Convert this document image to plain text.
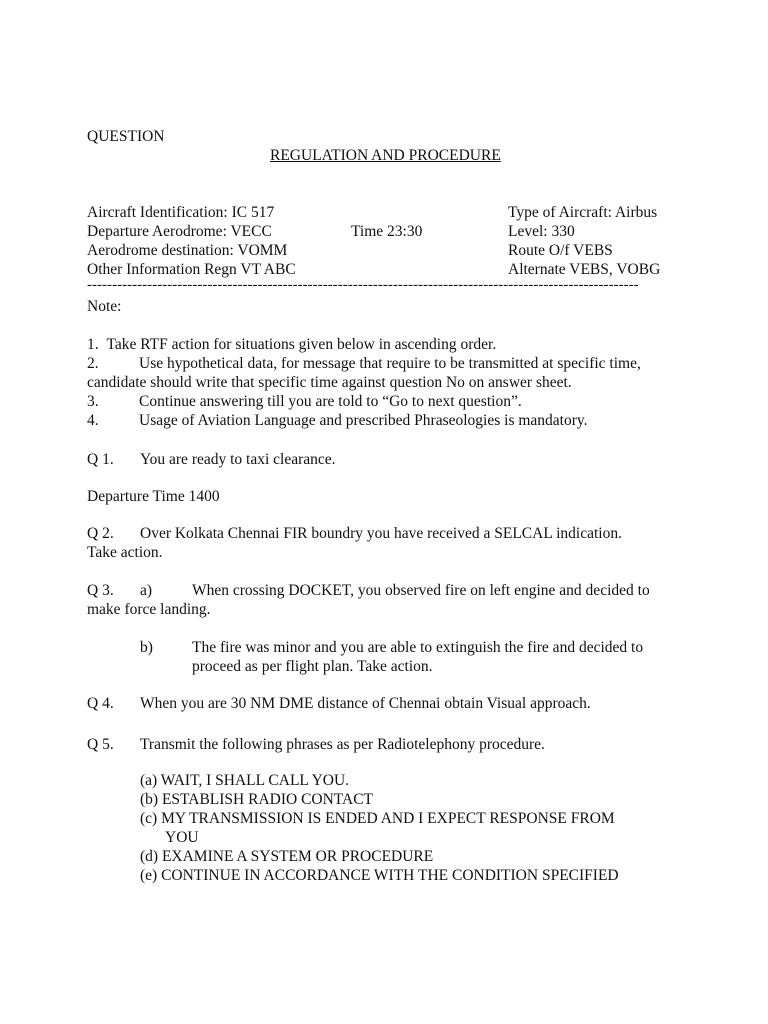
QUESTION
REGULATION AND PROCEDURE
Aircraft Identification: IC 517	Type of Aircraft: Airbus
Departure Aerodrome: VECC	Time 23:30	Level: 330
Aerodrome destination: VOMM	Route O/f VEBS
Other Information Regn VT ABC	Alternate VEBS, VOBG
--------------------------------------------------------------------------------------------------------------
Note:
1. Take RTF action for situations given below in ascending order.
2.	Use hypothetical data, for message that require to be transmitted at specific time,
candidate should write that specific time against question No on answer sheet.
3.	Continue answering till you are told to “Go to next question”.
4.	Usage of Aviation Language and prescribed Phraseologies is mandatory.
Q 1. You are ready to taxi clearance.
Departure Time 1400
Q 2. Over Kolkata Chennai FIR boundry you have received a SELCAL indication.
Take action.
Q 3. a)	When crossing DOCKET, you observed fire on left engine and decided to
make force landing.
b)	The fire was minor and you are able to extinguish the fire and decided to
proceed as per flight plan. Take action.
Q 4. When you are 30 NM DME distance of Chennai obtain Visual approach.
Q 5. Transmit the following phrases as per Radiotelephony procedure.
(a) WAIT, I SHALL CALL YOU.
(b) ESTABLISH RADIO CONTACT
(c) MY TRANSMISSION IS ENDED AND I EXPECT RESPONSE FROM
YOU
(d) EXAMINE A SYSTEM OR PROCEDURE
(e) CONTINUE IN ACCORDANCE WITH THE CONDITION SPECIFIED
